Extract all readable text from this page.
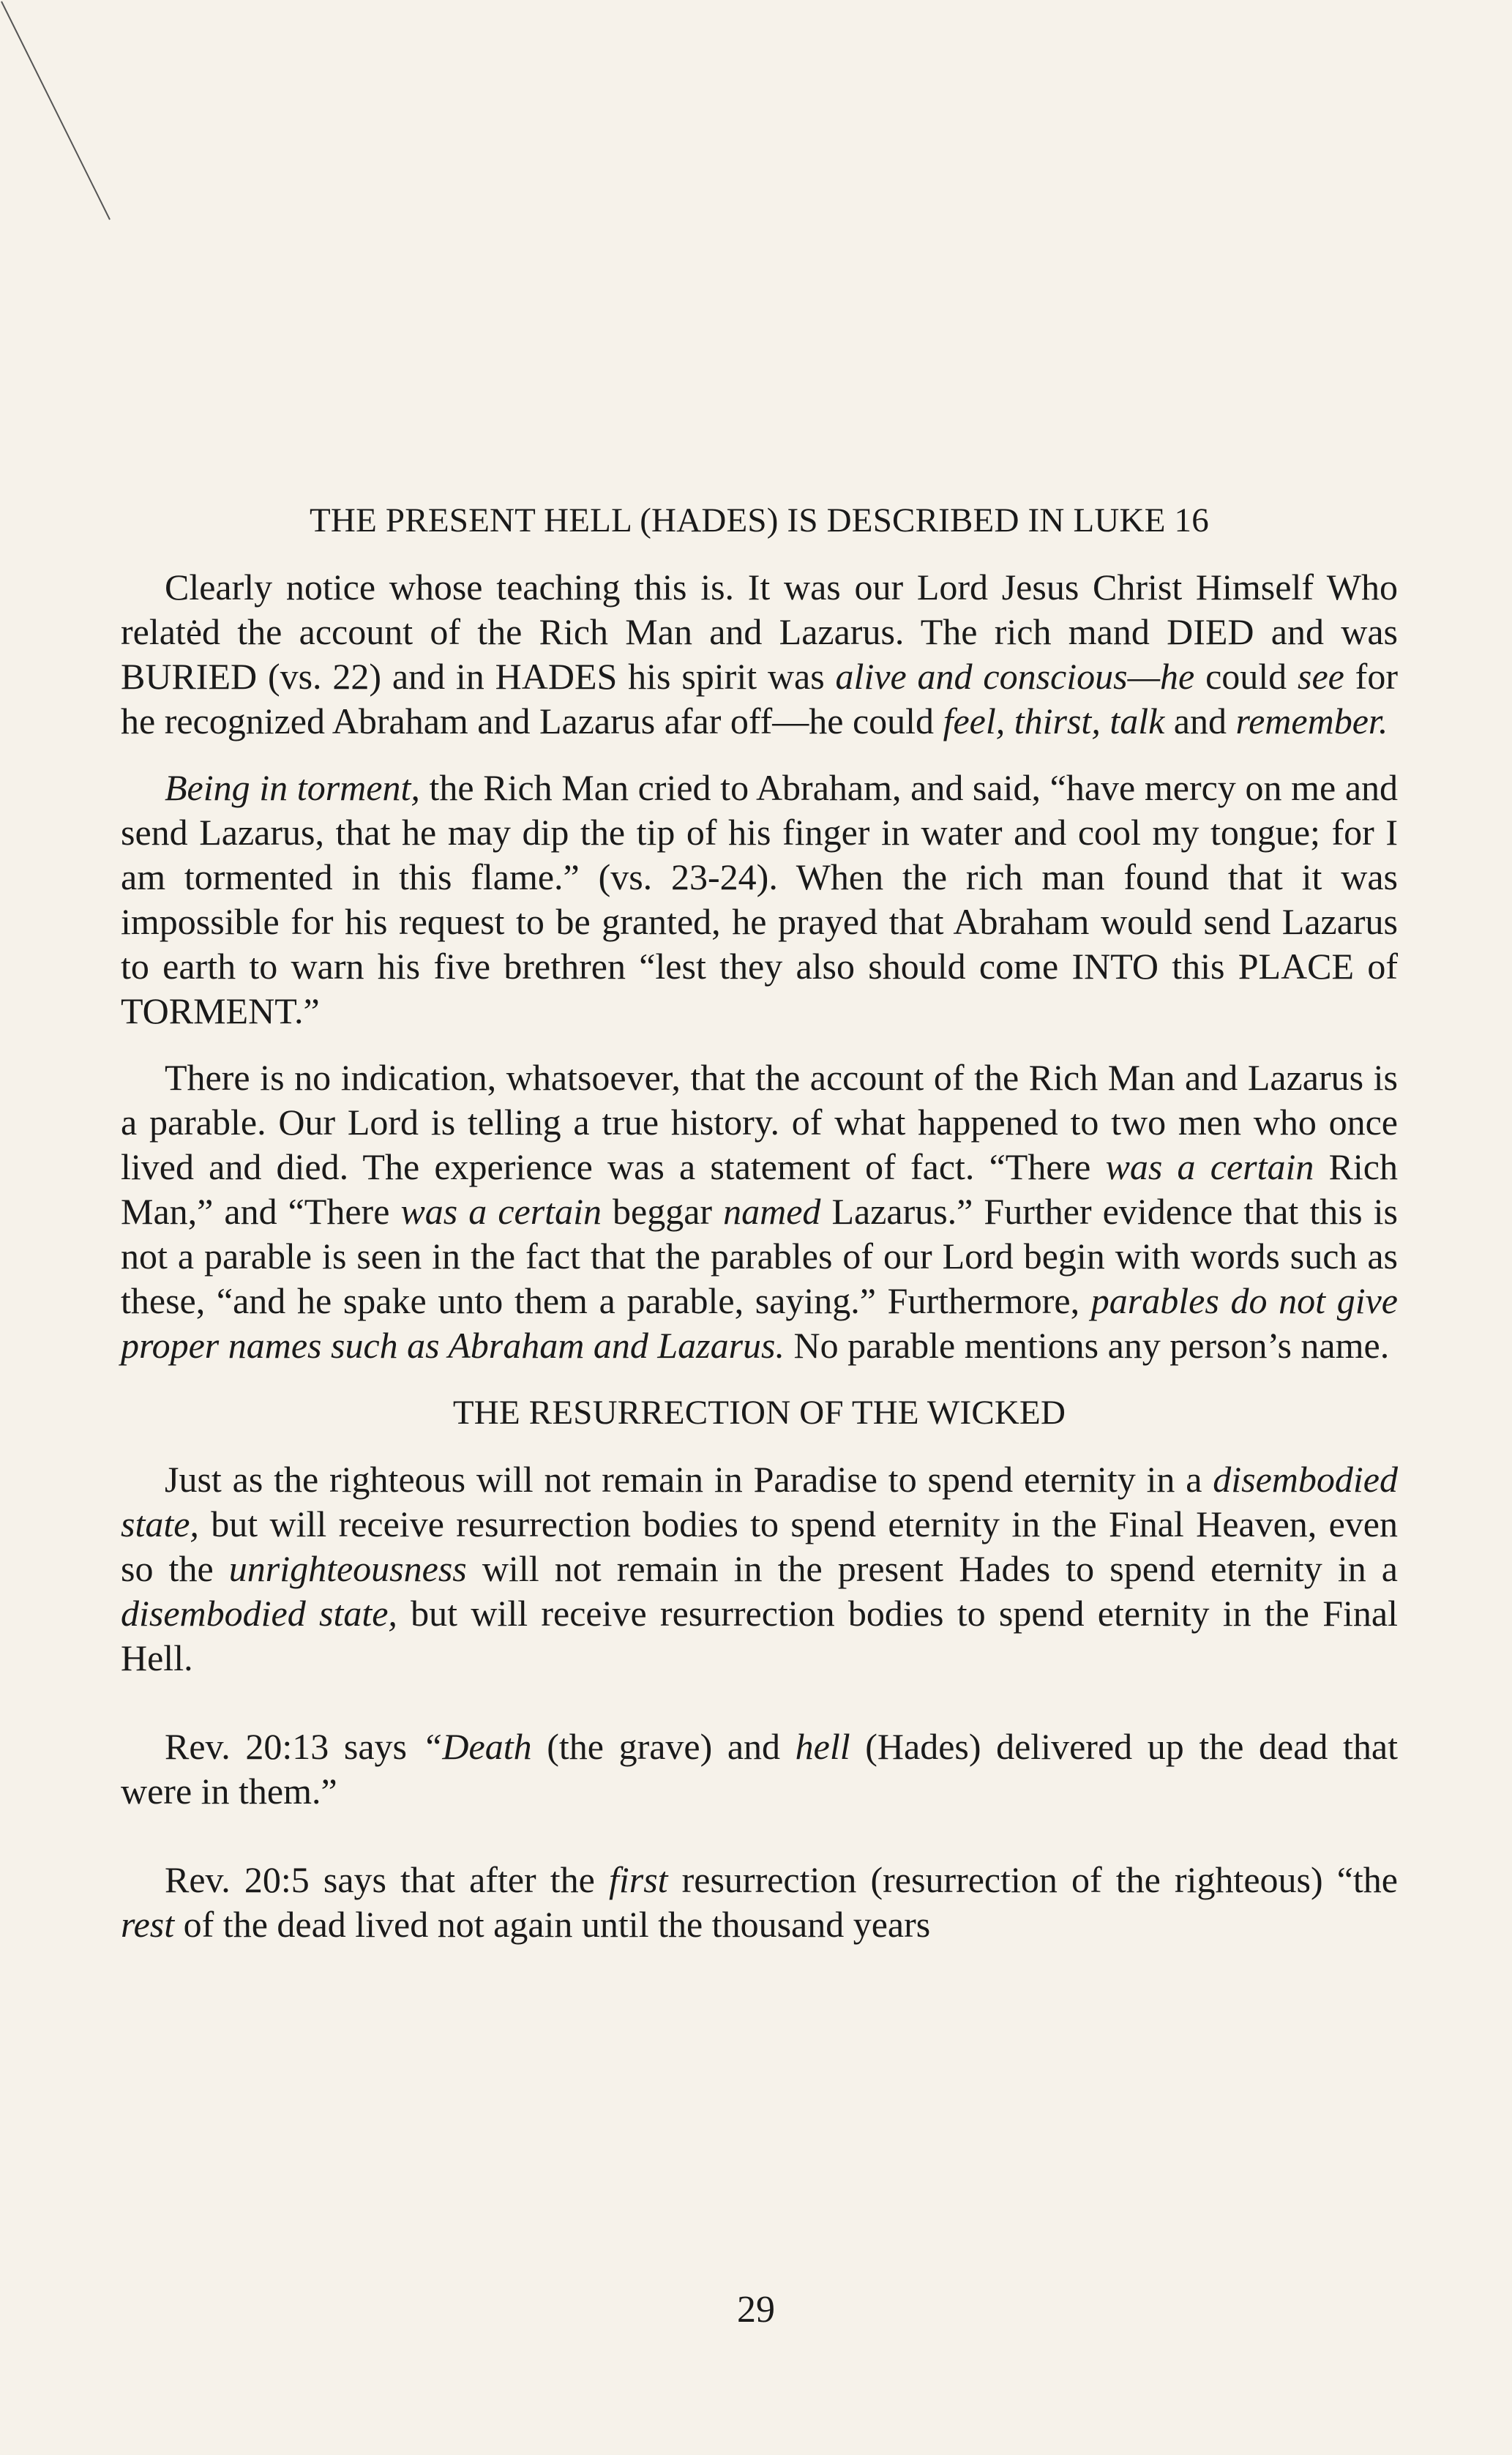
THE PRESENT HELL (HADES) IS DESCRIBED IN LUKE 16

Clearly notice whose teaching this is. It was our Lord Jesus Christ Himself Who relatėd the account of the Rich Man and Lazarus. The rich mand DIED and was BURIED (vs. 22) and in HADES his spirit was alive and conscious—he could see for he recognized Abraham and Lazarus afar off—he could feel, thirst, talk and remember.

Being in torment, the Rich Man cried to Abraham, and said, “have mercy on me and send Lazarus, that he may dip the tip of his finger in water and cool my tongue; for I am tormented in this flame.” (vs. 23-24). When the rich man found that it was impossible for his request to be granted, he prayed that Abraham would send Lazarus to earth to warn his five brethren “lest they also should come INTO this PLACE of TORMENT.”

There is no indication, whatsoever, that the account of the Rich Man and Lazarus is a parable. Our Lord is telling a true history. of what happened to two men who once lived and died. The experience was a statement of fact. “There was a certain Rich Man,” and “There was a certain beggar named Lazarus.” Further evidence that this is not a parable is seen in the fact that the parables of our Lord begin with words such as these, “and he spake unto them a parable, saying.” Furthermore, parables do not give proper names such as Abraham and Lazarus. No parable mentions any person’s name.

THE RESURRECTION OF THE WICKED

Just as the righteous will not remain in Paradise to spend eternity in a disembodied state, but will receive resurrection bodies to spend eternity in the Final Heaven, even so the unrighteousness will not remain in the present Hades to spend eternity in a disembodied state, but will receive resurrection bodies to spend eternity in the Final Hell.

Rev. 20:13 says “Death (the grave) and hell (Hades) delivered up the dead that were in them.”

Rev. 20:5 says that after the first resurrection (resurrection of the righteous) “the rest of the dead lived not again until the thousand years

29
